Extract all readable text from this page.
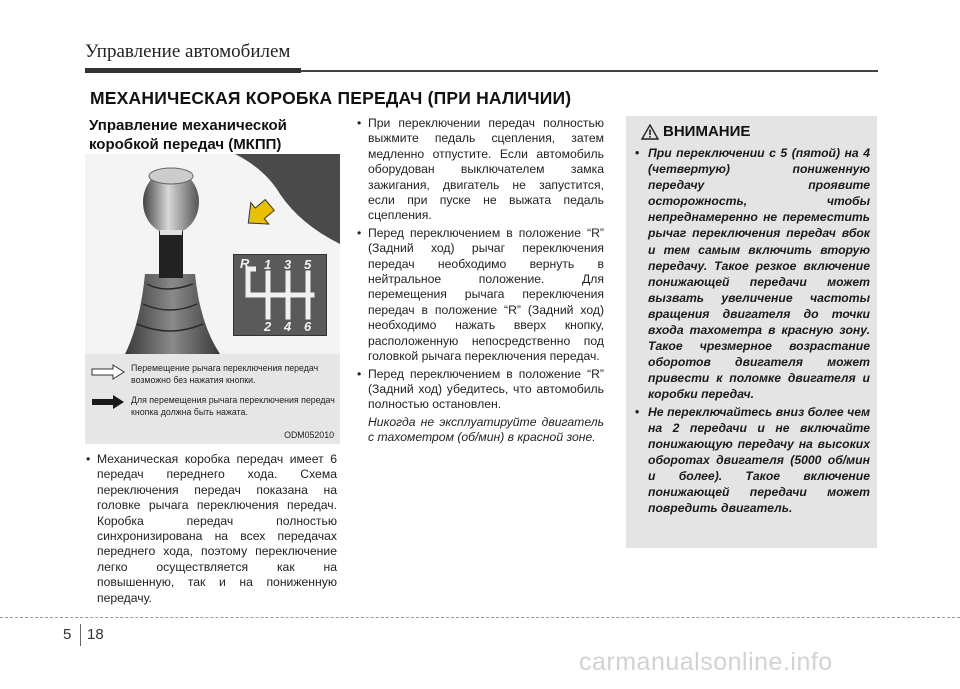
Управление автомобилем
МЕХАНИЧЕСКАЯ КОРОБКА ПЕРЕДАЧ (ПРИ НАЛИЧИИ)

Управление механической

коробкой передач (МКПП)

R 1 3 5
2 4 6
Перемещение рычага переключения передач возможно без нажатия кнопки.
Для перемещения рычага переключения передач кнопка должна быть нажата.
ODM052010
• Механическая коробка передач имеет 6 передач переднего хода. Схема переключения передач показана на головке рычага переключения передач. Коробка передач полностью синхронизирована на всех передачах переднего хода, поэтому переключение легко осуществляется как на повышенную, так и на пониженную передачу.
• При переключении передач полностью выжмите педаль сцепления, затем медленно отпустите. Если автомобиль оборудован выключателем замка зажигания, двигатель не запустится, если при пуске не выжата педаль сцепления.
• Перед переключением в положение “R” (Задний ход) рычаг переключения передач необходимо вернуть в нейтральное положение. Для перемещения рычага переключения передач в положение “R” (Задний ход) необходимо нажать вверх кнопку, расположенную непосредственно под головкой рычага переключения передач.
• Перед переключением в положение “R” (Задний ход) убедитесь, что автомобиль полностью остановлен.
Никогда не эксплуатируйте двигатель с тахометром (об/мин) в красной зоне.
ВНИМАНИЕ
• При переключении с 5 (пятой) на 4 (четвертую) пониженную передачу проявите осторожность, чтобы непреднамеренно не переместить рычаг переключения передач вбок и тем самым включить вторую передачу. Такое резкое включение понижающей передачи может вызвать увеличение частоты вращения двигателя до точки входа тахометра в красную зону. Такое чрезмерное возрастание оборотов двигателя может привести к поломке двигателя и коробки передач.
• Не переключайтесь вниз более чем на 2 передачи и не включайте понижающую передачу на высоких оборотах двигателя (5000 об/мин и более). Такое включение понижающей передачи может повредить двигатель.
5 18
carmanualsonline.info
